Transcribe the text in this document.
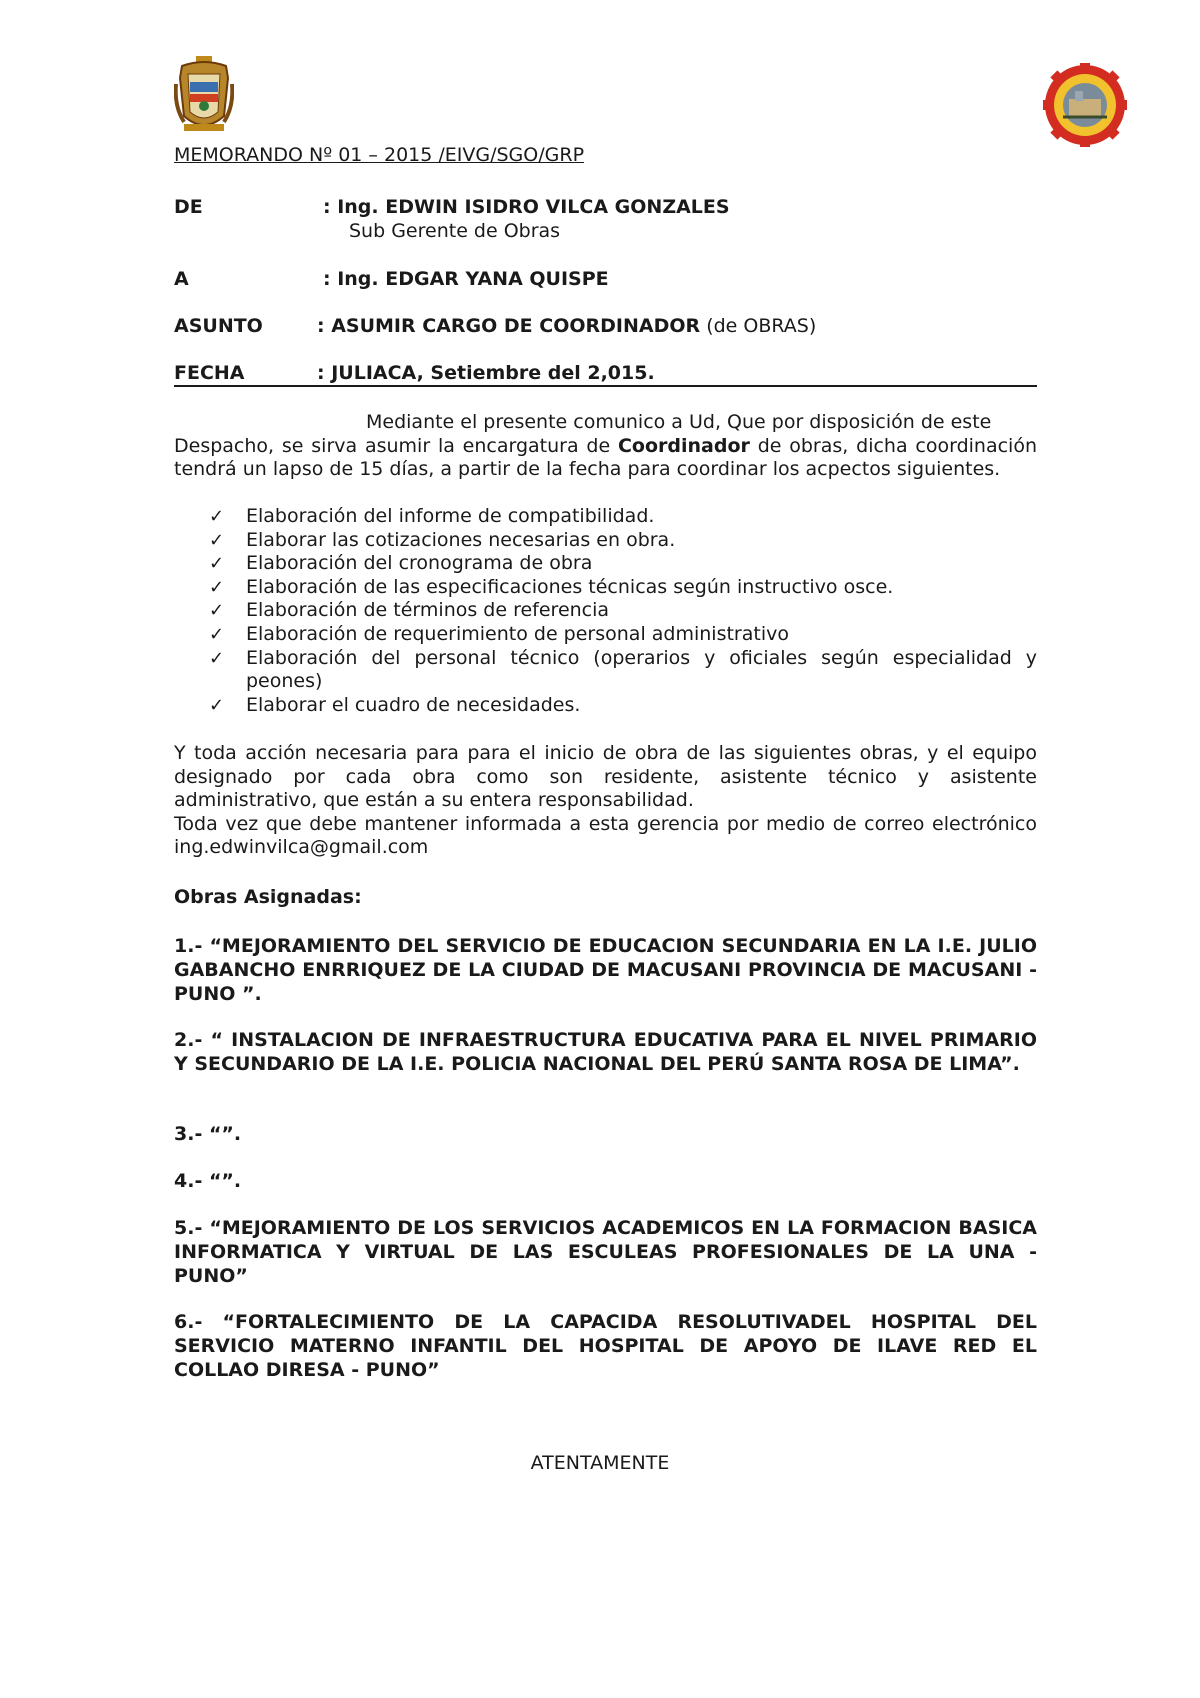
MEMORANDO Nº 01 – 2015 /EIVG/SGO/GRP
DE	: Ing. EDWIN ISIDRO VILCA GONZALES
Sub Gerente de Obras
A	: Ing. EDGAR YANA QUISPE
ASUNTO	: ASUMIR CARGO DE COORDINADOR (de OBRAS)
FECHA	: JULIACA, Setiembre del 2,015.

Mediante el presente comunico a Ud, Que por disposición de este

Despacho, se sirva asumir la encargatura de Coordinador de obras, dicha coordinación tendrá un lapso de 15 días, a partir de la fecha para coordinar los acpectos siguientes.

✓ Elaboración del informe de compatibilidad.
✓ Elaborar las cotizaciones necesarias en obra.
✓ Elaboración del cronograma de obra
✓ Elaboración de las especificaciones técnicas según instructivo osce.
✓ Elaboración de términos de referencia
✓ Elaboración de requerimiento de personal administrativo
✓ Elaboración del personal técnico (operarios y oficiales según especialidad y peones)
✓ Elaborar el cuadro de necesidades.

Y toda acción necesaria para para el inicio de obra de las siguientes obras, y el equipo designado por cada obra como son residente, asistente técnico y asistente administrativo, que están a su entera responsabilidad.

Toda vez que debe mantener informada a esta gerencia por medio de correo electrónico ing.edwinvilca@gmail.com

Obras Asignadas:
1.- “MEJORAMIENTO DEL SERVICIO DE EDUCACION SECUNDARIA EN LA I.E. JULIO GABANCHO ENRRIQUEZ DE LA CIUDAD DE MACUSANI PROVINCIA DE MACUSANI -PUNO ”.
2.- “ INSTALACION DE INFRAESTRUCTURA EDUCATIVA PARA EL NIVEL PRIMARIO Y SECUNDARIO DE LA I.E. POLICIA NACIONAL DEL PERÚ SANTA ROSA DE LIMA”.
3.- “”.
4.- “”.
5.- “MEJORAMIENTO DE LOS SERVICIOS ACADEMICOS EN LA FORMACION BASICA INFORMATICA Y VIRTUAL DE LAS ESCULEAS PROFESIONALES DE LA UNA - PUNO”
6.- “FORTALECIMIENTO DE LA CAPACIDA RESOLUTIVADEL HOSPITAL DEL SERVICIO MATERNO INFANTIL DEL HOSPITAL DE APOYO DE ILAVE RED EL COLLAO DIRESA - PUNO”
ATENTAMENTE
